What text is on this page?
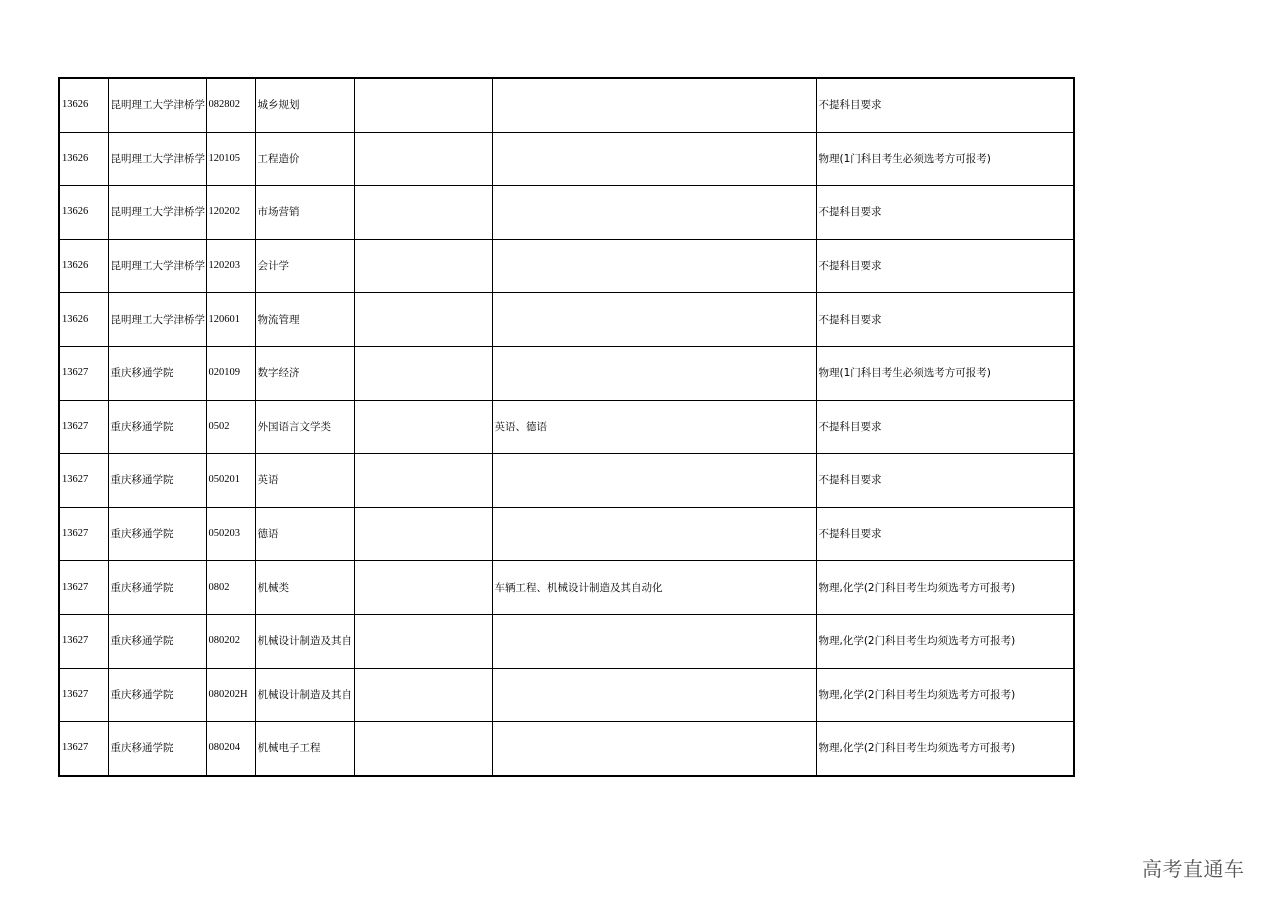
13626	昆明理工大学津桥学	082802	城乡规划			不提科目要求
13626	昆明理工大学津桥学	120105	工程造价			物理(1门科目考生必须选考方可报考)
13626	昆明理工大学津桥学	120202	市场营销			不提科目要求
13626	昆明理工大学津桥学	120203	会计学			不提科目要求
13626	昆明理工大学津桥学	120601	物流管理			不提科目要求
13627	重庆移通学院	020109	数字经济			物理(1门科目考生必须选考方可报考)
13627	重庆移通学院	0502	外国语言文学类		英语、德语	不提科目要求
13627	重庆移通学院	050201	英语			不提科目要求
13627	重庆移通学院	050203	德语			不提科目要求
13627	重庆移通学院	0802	机械类		车辆工程、机械设计制造及其自动化	物理,化学(2门科目考生均须选考方可报考)
13627	重庆移通学院	080202	机械设计制造及其自			物理,化学(2门科目考生均须选考方可报考)
13627	重庆移通学院	080202H	机械设计制造及其自			物理,化学(2门科目考生均须选考方可报考)
13627	重庆移通学院	080204	机械电子工程			物理,化学(2门科目考生均须选考方可报考)
高考直通车
